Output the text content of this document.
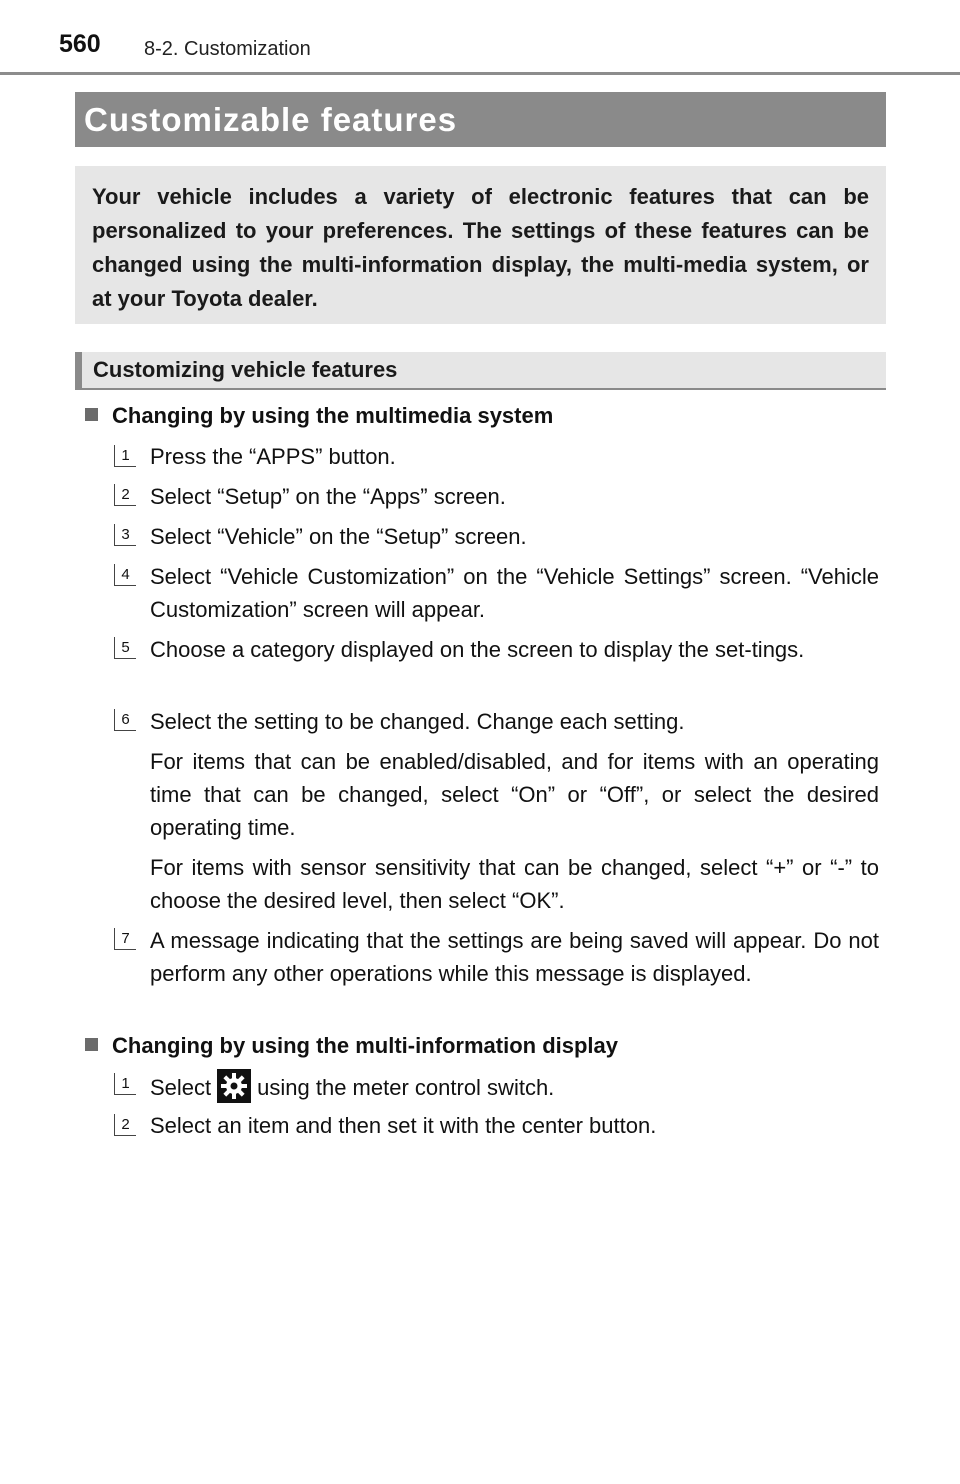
560 8-2. Customization
Customizable features
Your vehicle includes a variety of electronic features that can be personalized to your preferences. The settings of these features can be changed using the multi-information display, the multi-media system, or at your Toyota dealer.
Customizing vehicle features
Changing by using the multimedia system
1 Press the “APPS” button.
2 Select “Setup” on the “Apps” screen.
3 Select “Vehicle” on the “Setup” screen.
4 Select “Vehicle Customization” on the “Vehicle Settings” screen. “Vehicle Customization” screen will appear.
5 Choose a category displayed on the screen to display the set-tings.
6 Select the setting to be changed. Change each setting.
For items that can be enabled/disabled, and for items with an operating time that can be changed, select “On” or “Off”, or select the desired operating time.
For items with sensor sensitivity that can be changed, select “+” or “-” to choose the desired level, then select “OK”.
7 A message indicating that the settings are being saved will appear. Do not perform any other operations while this message is displayed.
Changing by using the multi-information display
1 Select using the meter control switch.
2 Select an item and then set it with the center button.
